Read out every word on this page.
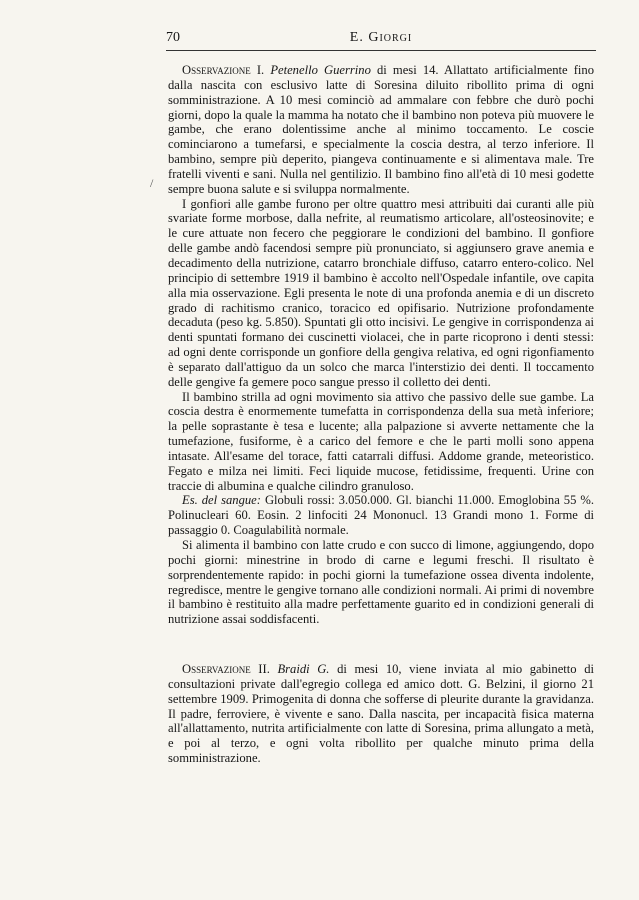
70	E. Giorgi

Osservazione I. Petenello Guerrino di mesi 14. Allattato artificialmente fino dalla nascita con esclusivo latte di Soresina diluito ribollito prima di ogni somministrazione. A 10 mesi cominciò ad ammalare con febbre che durò pochi giorni, dopo la quale la mamma ha notato che il bambino non poteva più muovere le gambe, che erano dolentissime anche al minimo toccamento. Le coscie cominciarono a tumefarsi, e specialmente la coscia destra, al terzo inferiore. Il bambino, sempre più deperito, piangeva continuamente e si alimentava male. Tre fratelli viventi e sani. Nulla nel gentilizio. Il bambino fino all'età di 10 mesi godette sempre buona salute e si sviluppa normalmente.

I gonfiori alle gambe furono per oltre quattro mesi attribuiti dai curanti alle più svariate forme morbose, dalla nefrite, al reumatismo articolare, all'osteosinovite; e le cure attuate non fecero che peggiorare le condizioni del bambino. Il gonfiore delle gambe andò facendosi sempre più pronunciato, si aggiunsero grave anemia e decadimento della nutrizione, catarro bronchiale diffuso, catarro entero-colico. Nel principio di settembre 1919 il bambino è accolto nell'Ospedale infantile, ove capita alla mia osservazione. Egli presenta le note di una profonda anemia e di un discreto grado di rachitismo cranico, toracico ed opifisario. Nutrizione profondamente decaduta (peso kg. 5.850). Spuntati gli otto incisivi. Le gengive in corrispondenza ai denti spuntati formano dei cuscinetti violacei, che in parte ricoprono i denti stessi: ad ogni dente corrisponde un gonfiore della gengiva relativa, ed ogni rigonfiamento è separato dall'attiguo da un solco che marca l'interstizio dei denti. Il toccamento delle gengive fa gemere poco sangue presso il colletto dei denti.

Il bambino strilla ad ogni movimento sia attivo che passivo delle sue gambe. La coscia destra è enormemente tumefatta in corrispondenza della sua metà inferiore; la pelle soprastante è tesa e lucente; alla palpazione si avverte nettamente che la tumefazione, fusiforme, è a carico del femore e che le parti molli sono appena intasate. All'esame del torace, fatti catarrali diffusi. Addome grande, meteoristico. Fegato e milza nei limiti. Feci liquide mucose, fetidissime, frequenti. Urine con traccie di albumina e qualche cilindro granuloso.

Es. del sangue: Globuli rossi: 3.050.000. Gl. bianchi 11.000. Emoglobina 55 %. Polinucleari 60. Eosin. 2 linfociti 24 Mononucl. 13 Grandi mono 1. Forme di passaggio 0. Coagulabilità normale.

Si alimenta il bambino con latte crudo e con succo di limone, aggiungendo, dopo pochi giorni: minestrine in brodo di carne e legumi freschi. Il risultato è sorprendentemente rapido: in pochi giorni la tumefazione ossea diventa indolente, regredisce, mentre le gengive tornano alle condizioni normali. Ai primi di novembre il bambino è restituito alla madre perfettamente guarito ed in condizioni generali di nutrizione assai soddisfacenti.

Osservazione II. Braidi G. di mesi 10, viene inviata al mio gabinetto di consultazioni private dall'egregio collega ed amico dott. G. Belzini, il giorno 21 settembre 1909. Primogenita di donna che sofferse di pleurite durante la gravidanza. Il padre, ferroviere, è vivente e sano. Dalla nascita, per incapacità fisica materna all'allattamento, nutrita artificialmente con latte di Soresina, prima allungato a metà, e poi al terzo, e ogni volta ribollito per qualche minuto prima della somministrazione.

/
